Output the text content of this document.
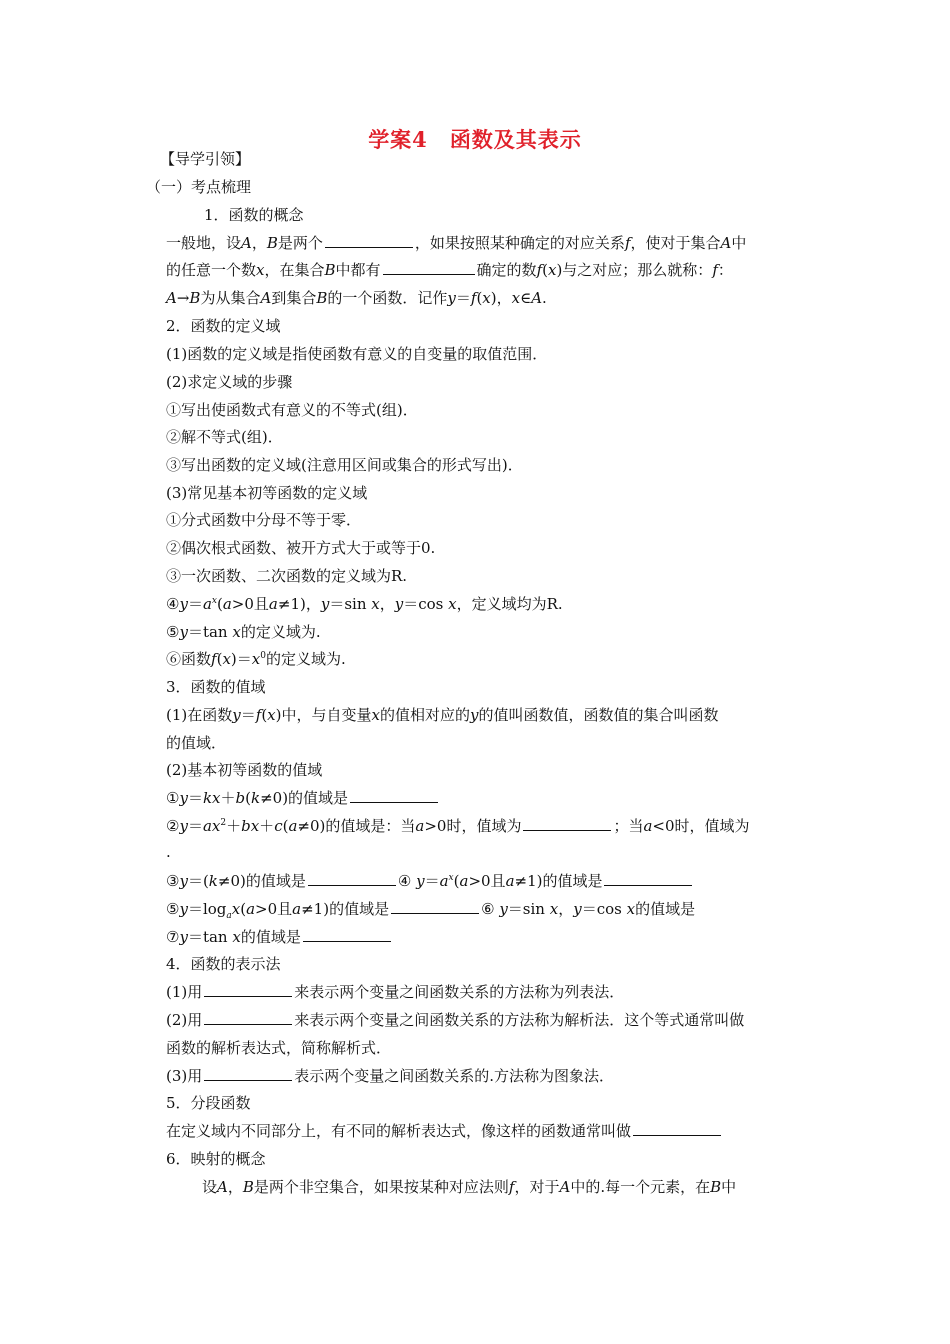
学案4 函数及其表示
【导学引领】
（一）考点梳理
1．函数的概念
一般地，设A，B是两个	，如果按照某种确定的对应关系f，使对于集合A中
的任意一个数x，在集合B中都有	确定的数f(x)与之对应；那么就称：f：
A→B为从集合A到集合B的一个函数．记作y＝f(x)，x∈A.
2．函数的定义域
(1)函数的定义域是指使函数有意义的自变量的取值范围．
(2)求定义域的步骤
①写出使函数式有意义的不等式(组)．
②解不等式(组)．
③写出函数的定义域(注意用区间或集合的形式写出)．
(3)常见基本初等函数的定义域
①分式函数中分母不等于零．
②偶次根式函数、被开方式大于或等于0.
③一次函数、二次函数的定义域为R.
$④y=a^x(a>0$且a≠1)，y＝sin x，y＝cos x，定义域均为R.
⑤y＝tan x的定义域为.
⑥函数$f(x)=x^0$的定义域为.
3．函数的值域
(1)在函数y＝f(x)中，与自变量x的值相对应的y的值叫函数值，函数值的集合叫函数
的值域．
(2)基本初等函数的值域
①y＝kx＋b(k≠0)的值域是
$②y=ax^2+bx+c(a\ne 0)$的值域是：当a>0时，值域为	；当a<0时，值域为
.
③y＝(k≠0)的值域是	④ $y=a^x(a>0$且a≠1)的值域是
$⑤y=\log_ax(a>0$且a≠1)的值域是	⑥ y＝sin x，y＝cos x的值域是
⑦y＝tan x的值域是
4．函数的表示法
(1)用	来表示两个变量之间函数关系的方法称为列表法．
(2)用	来表示两个变量之间函数关系的方法称为解析法．这个等式通常叫做
函数的解析表达式，简称解析式．
(3)用	表示两个变量之间函数关系的.方法称为图象法．
5．分段函数
在定义域内不同部分上，有不同的解析表达式，像这样的函数通常叫做
6．映射的概念
设A，B是两个非空集合，如果按某种对应法则f，对于A中的.每一个元素，在B中
